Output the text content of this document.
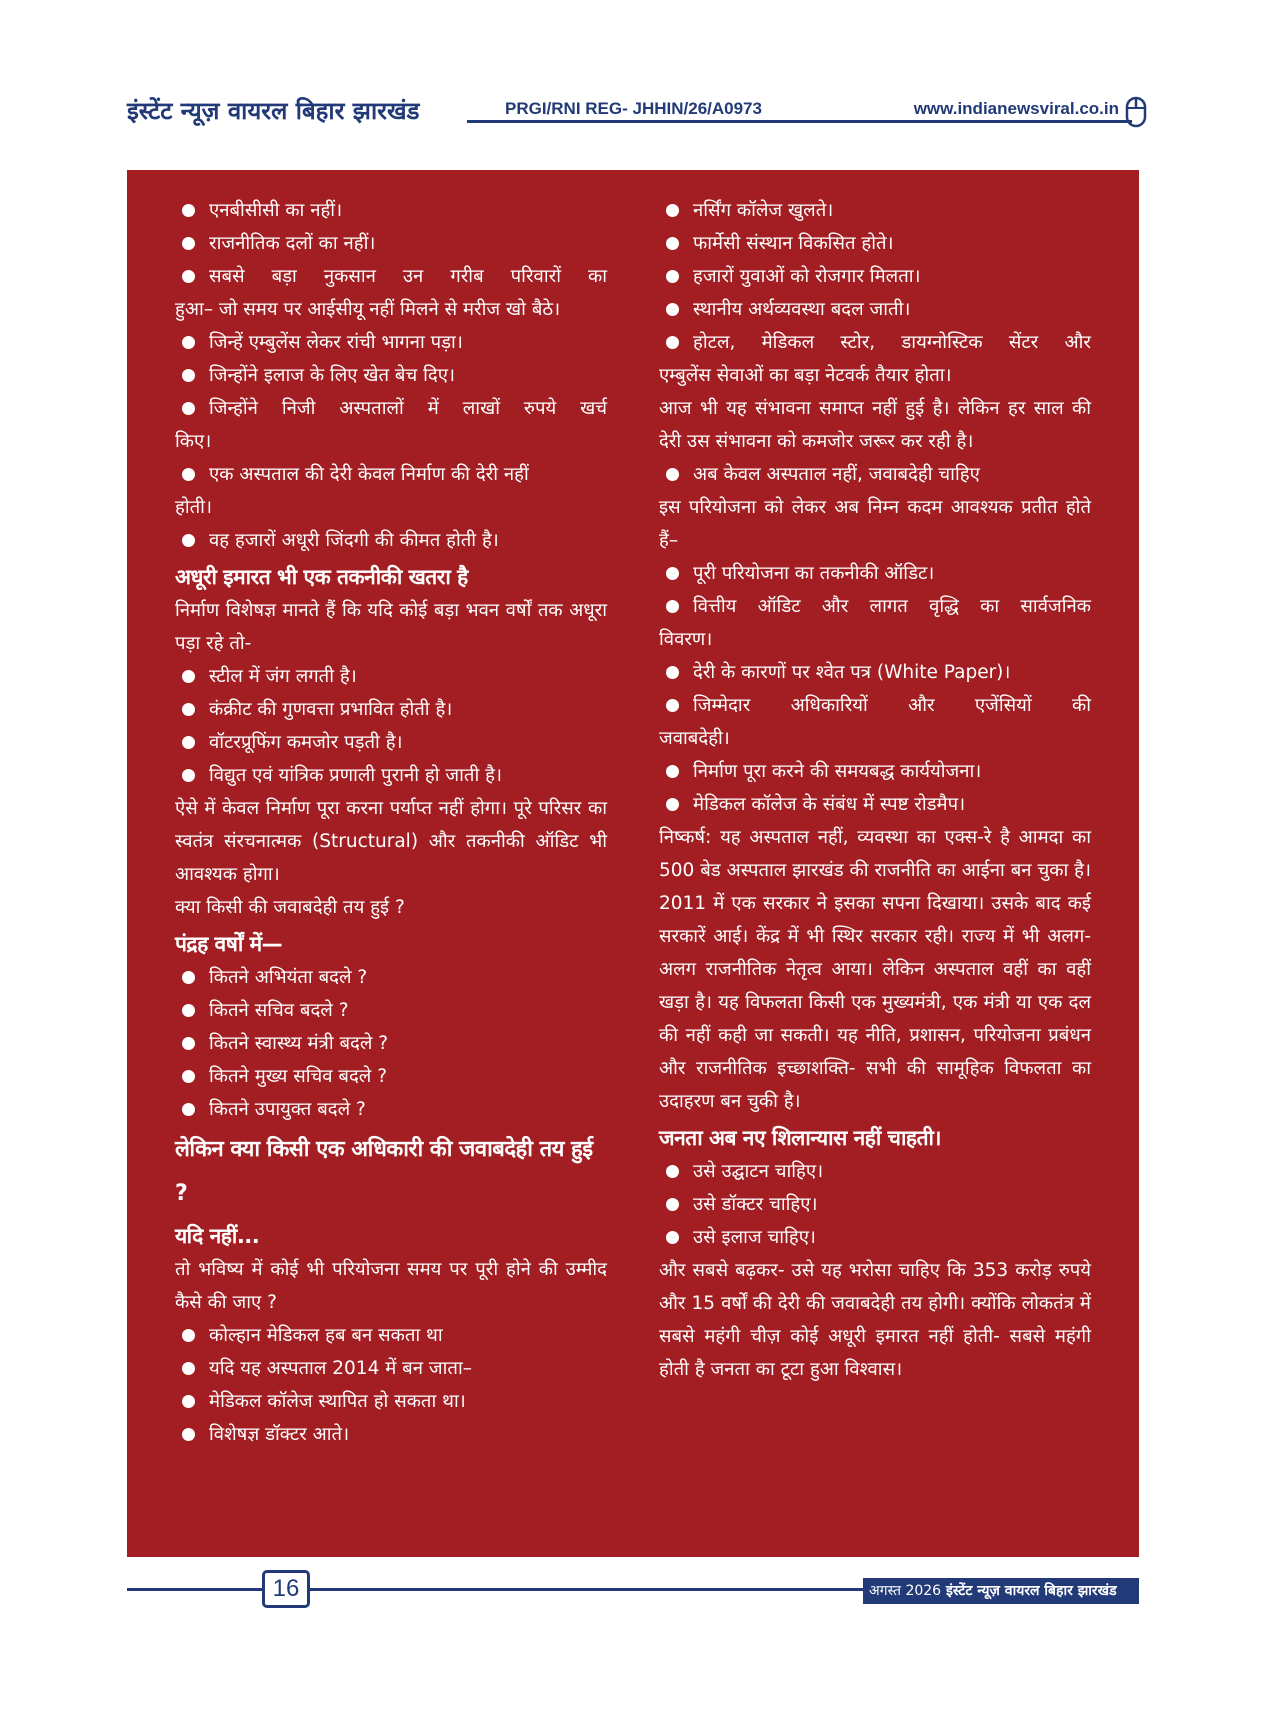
इंस्टेंट न्यूज़ वायरल बिहार झारखंड	PRGI/RNI REG- JHHIN/26/A0973	www.indianewsviral.co.in
एनबीसीसी का नहीं।
राजनीतिक दलों का नहीं।
सबसे बड़ा नुकसान उन गरीब परिवारों का
हुआ– जो समय पर आईसीयू नहीं मिलने से मरीज खो बैठे।
जिन्हें एम्बुलेंस लेकर रांची भागना पड़ा।
जिन्होंने इलाज के लिए खेत बेच दिए।
जिन्होंने निजी अस्पतालों में लाखों रुपये खर्च
किए।
एक अस्पताल की देरी केवल निर्माण की देरी नहीं
होती।
वह हजारों अधूरी जिंदगी की कीमत होती है।
अधूरी इमारत भी एक तकनीकी खतरा है
निर्माण विशेषज्ञ मानते हैं कि यदि कोई बड़ा भवन वर्षों तक अधूरा पड़ा रहे तो-
स्टील में जंग लगती है।
कंक्रीट की गुणवत्ता प्रभावित होती है।
वॉटरप्रूफिंग कमजोर पड़ती है।
विद्युत एवं यांत्रिक प्रणाली पुरानी हो जाती है।
ऐसे में केवल निर्माण पूरा करना पर्याप्त नहीं होगा। पूरे परिसर का स्वतंत्र संरचनात्मक (Structural) और तकनीकी ऑडिट भी आवश्यक होगा।
क्या किसी की जवाबदेही तय हुई ?
पंद्रह वर्षों में—
कितने अभियंता बदले ?
कितने सचिव बदले ?
कितने स्वास्थ्य मंत्री बदले ?
कितने मुख्य सचिव बदले ?
कितने उपायुक्त बदले ?
लेकिन क्या किसी एक अधिकारी की जवाबदेही तय हुई ?
यदि नहीं...
तो भविष्य में कोई भी परियोजना समय पर पूरी होने की उम्मीद कैसे की जाए ?
कोल्हान मेडिकल हब बन सकता था
यदि यह अस्पताल 2014 में बन जाता–
मेडिकल कॉलेज स्थापित हो सकता था।
विशेषज्ञ डॉक्टर आते।
नर्सिंग कॉलेज खुलते।
फार्मेसी संस्थान विकसित होते।
हजारों युवाओं को रोजगार मिलता।
स्थानीय अर्थव्यवस्था बदल जाती।
होटल, मेडिकल स्टोर, डायग्नोस्टिक सेंटर और
एम्बुलेंस सेवाओं का बड़ा नेटवर्क तैयार होता।
आज भी यह संभावना समाप्त नहीं हुई है। लेकिन हर साल की देरी उस संभावना को कमजोर जरूर कर रही है।
अब केवल अस्पताल नहीं, जवाबदेही चाहिए
इस परियोजना को लेकर अब निम्न कदम आवश्यक प्रतीत होते हैं–
पूरी परियोजना का तकनीकी ऑडिट।
वित्तीय ऑडिट और लागत वृद्धि का सार्वजनिक
विवरण।
देरी के कारणों पर श्वेत पत्र (White Paper)।
जिम्मेदार अधिकारियों और एजेंसियों की
जवाबदेही।
निर्माण पूरा करने की समयबद्ध कार्ययोजना।
मेडिकल कॉलेज के संबंध में स्पष्ट रोडमैप।
निष्कर्ष: यह अस्पताल नहीं, व्यवस्था का एक्स-रे है आमदा का 500 बेड अस्पताल झारखंड की राजनीति का आईना बन चुका है। 2011 में एक सरकार ने इसका सपना दिखाया। उसके बाद कई सरकारें आई। केंद्र में भी स्थिर सरकार रही। राज्य में भी अलग- अलग राजनीतिक नेतृत्व आया। लेकिन अस्पताल वहीं का वहीं खड़ा है। यह विफलता किसी एक मुख्यमंत्री, एक मंत्री या एक दल की नहीं कही जा सकती। यह नीति, प्रशासन, परियोजना प्रबंधन और राजनीतिक इच्छाशक्ति- सभी की सामूहिक विफलता का उदाहरण बन चुकी है।
जनता अब नए शिलान्यास नहीं चाहती।
उसे उद्घाटन चाहिए।
उसे डॉक्टर चाहिए।
उसे इलाज चाहिए।
और सबसे बढ़कर- उसे यह भरोसा चाहिए कि 353 करोड़ रुपये और 15 वर्षों की देरी की जवाबदेही तय होगी। क्योंकि लोकतंत्र में सबसे महंगी चीज़ कोई अधूरी इमारत नहीं होती- सबसे महंगी होती है जनता का टूटा हुआ विश्वास।
16	अगस्त 2026 इंस्टेंट न्यूज़ वायरल बिहार झारखंड
